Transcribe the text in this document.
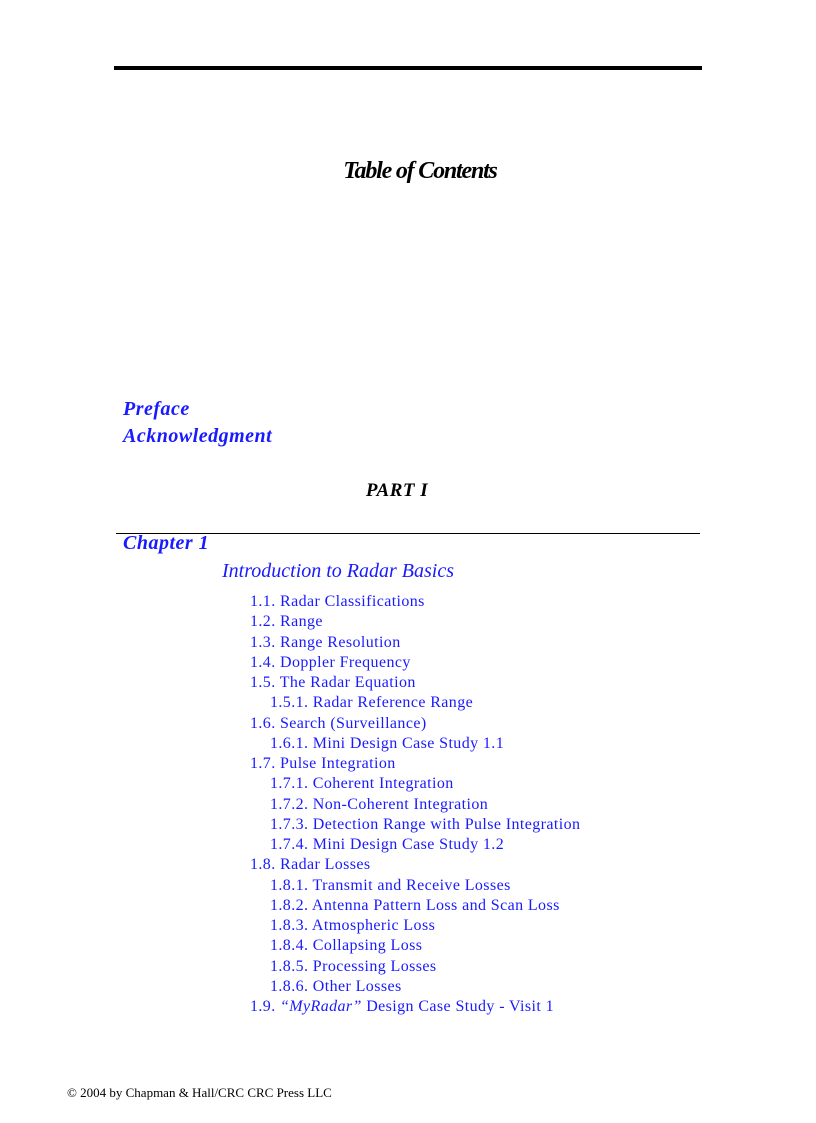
Table of Contents
Preface
Acknowledgment
PART I
Chapter 1
Introduction to Radar Basics
1.1. Radar Classifications
1.2. Range
1.3. Range Resolution
1.4. Doppler Frequency
1.5. The Radar Equation
1.5.1. Radar Reference Range
1.6. Search (Surveillance)
1.6.1. Mini Design Case Study 1.1
1.7. Pulse Integration
1.7.1. Coherent Integration
1.7.2. Non-Coherent Integration
1.7.3. Detection Range with Pulse Integration
1.7.4. Mini Design Case Study 1.2
1.8. Radar Losses
1.8.1. Transmit and Receive Losses
1.8.2. Antenna Pattern Loss and Scan Loss
1.8.3. Atmospheric Loss
1.8.4. Collapsing Loss
1.8.5. Processing Losses
1.8.6. Other Losses
1.9. “MyRadar” Design Case Study - Visit 1
© 2004 by Chapman & Hall/CRC CRC Press LLC
